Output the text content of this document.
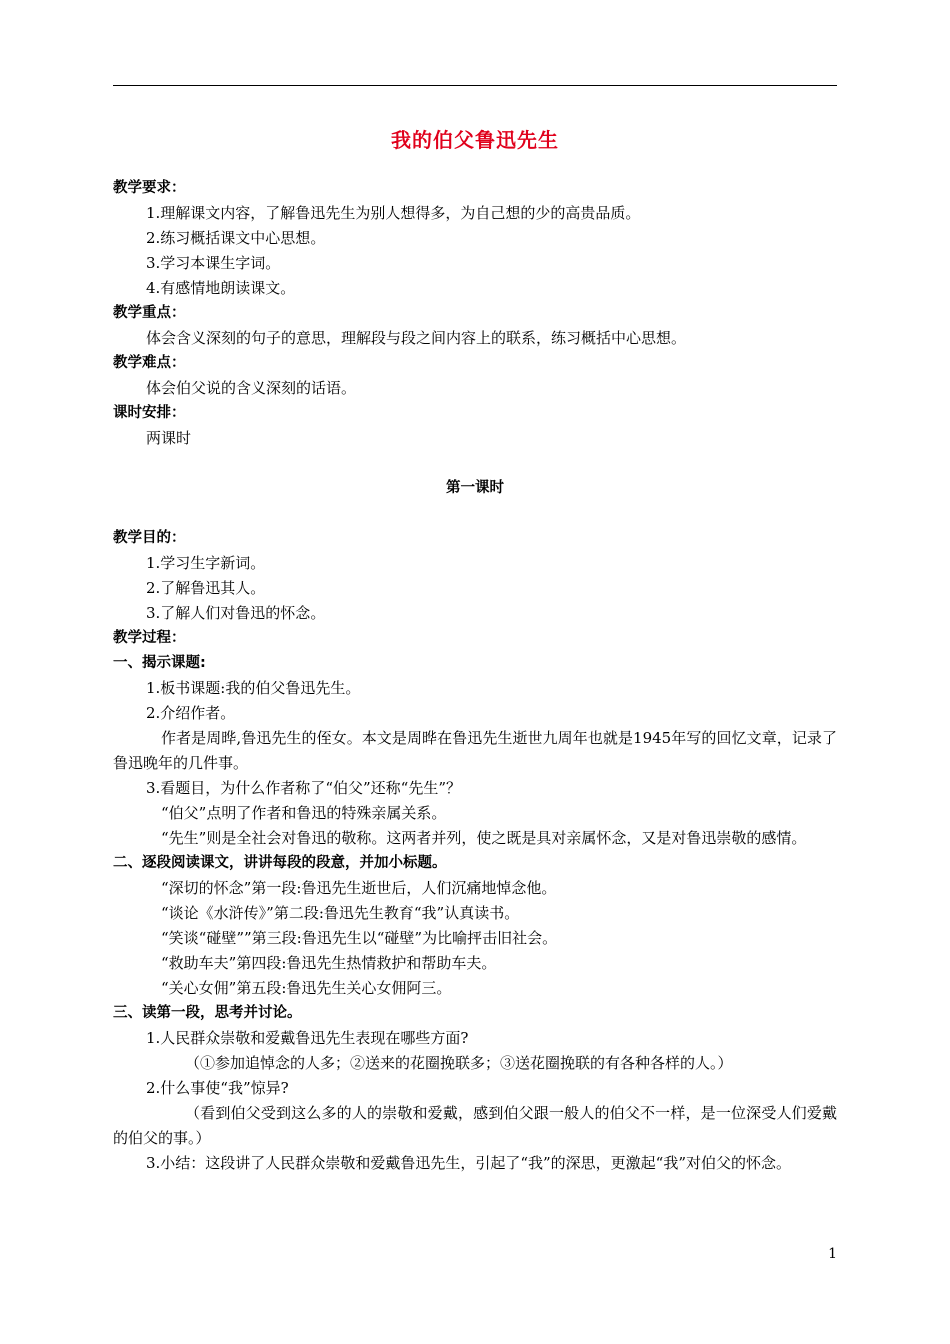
我的伯父鲁迅先生
教学要求：
1.理解课文内容，了解鲁迅先生为别人想得多，为自己想的少的高贵品质。
2.练习概括课文中心思想。
3.学习本课生字词。
4.有感情地朗读课文。
教学重点：
体会含义深刻的句子的意思，理解段与段之间内容上的联系，练习概括中心思想。
教学难点：
体会伯父说的含义深刻的话语。
课时安排：
两课时
第一课时
教学目的：
1.学习生字新词。
2.了解鲁迅其人。
3.了解人们对鲁迅的怀念。
教学过程：
一、揭示课题:
1.板书课题:我的伯父鲁迅先生。
2.介绍作者。
作者是周晔,鲁迅先生的侄女。本文是周晔在鲁迅先生逝世九周年也就是1945年写的回忆文章，记录了鲁迅晚年的几件事。
3.看题目，为什么作者称了“伯父”还称“先生”？
“伯父”点明了作者和鲁迅的特殊亲属关系。
“先生”则是全社会对鲁迅的敬称。这两者并列，使之既是具对亲属怀念，又是对鲁迅崇敬的感情。
二、逐段阅读课文，讲讲每段的段意，并加小标题。
“深切的怀念”第一段:鲁迅先生逝世后，人们沉痛地悼念他。
“谈论《水浒传》”第二段:鲁迅先生教育“我”认真读书。
“笑谈“碰壁””第三段:鲁迅先生以“碰壁”为比喻抨击旧社会。
“救助车夫”第四段:鲁迅先生热情救护和帮助车夫。
“关心女佣”第五段:鲁迅先生关心女佣阿三。
三、读第一段，思考并讨论。
1.人民群众崇敬和爱戴鲁迅先生表现在哪些方面?
（①参加追悼念的人多；②送来的花圈挽联多；③送花圈挽联的有各种各样的人。）
2.什么事使“我”惊异?
（看到伯父受到这么多的人的崇敬和爱戴，感到伯父跟一般人的伯父不一样，是一位深受人们爱戴的伯父的事。）
3.小结：这段讲了人民群众崇敬和爱戴鲁迅先生，引起了“我”的深思，更激起“我”对伯父的怀念。
1
